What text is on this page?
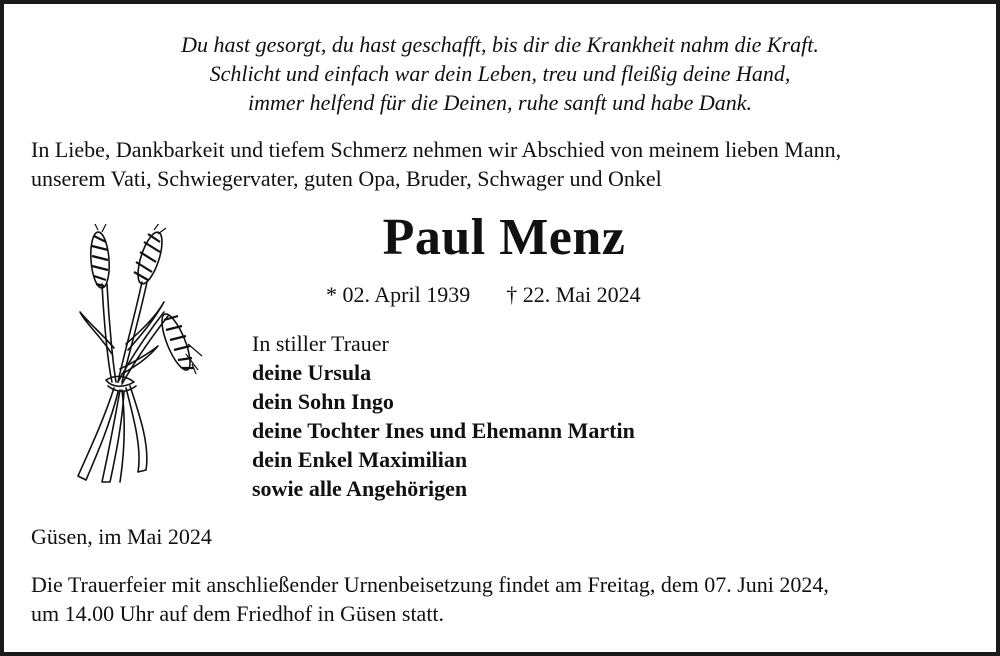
Du hast gesorgt, du hast geschafft, bis dir die Krankheit nahm die Kraft.
Schlicht und einfach war dein Leben, treu und fleißig deine Hand,
immer helfend für die Deinen, ruhe sanft und habe Dank.
In Liebe, Dankbarkeit und tiefem Schmerz nehmen wir Abschied von meinem lieben Mann,
unserem Vati, Schwiegervater, guten Opa, Bruder, Schwager und Onkel
Paul Menz
* 02. April 1939 † 22. Mai 2024
In stiller Trauer
deine Ursula
dein Sohn Ingo
deine Tochter Ines und Ehemann Martin
dein Enkel Maximilian
sowie alle Angehörigen
Güsen, im Mai 2024
Die Trauerfeier mit anschließender Urnenbeisetzung findet am Freitag, dem 07. Juni 2024,
um 14.00 Uhr auf dem Friedhof in Güsen statt.
